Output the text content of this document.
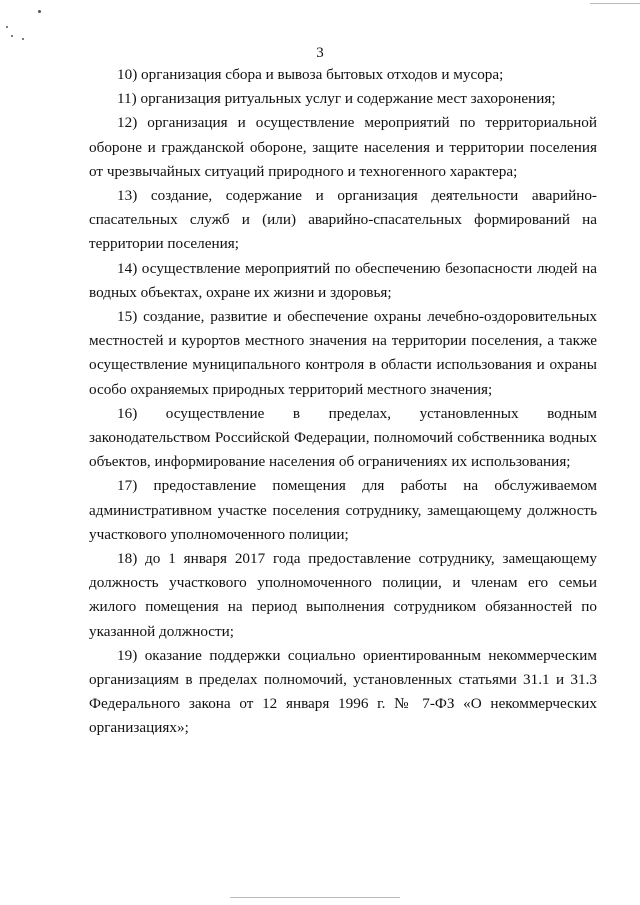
3

10) организация сбора и вывоза бытовых отходов и мусора;

11) организация ритуальных услуг и содержание мест захоронения;

12) организация и осуществление мероприятий по территориальной обороне и гражданской обороне, защите населения и территории поселения от чрезвычайных ситуаций природного и техногенного характера;

13) создание, содержание и организация деятельности аварийно-спасательных служб и (или) аварийно-спасательных формирований на территории поселения;

14) осуществление мероприятий по обеспечению безопасности людей на водных объектах, охране их жизни и здоровья;

15) создание, развитие и обеспечение охраны лечебно-оздоровительных местностей и курортов местного значения на территории поселения, а также осуществление муниципального контроля в области использования и охраны особо охраняемых природных территорий местного значения;

16) осуществление в пределах, установленных водным законодательством Российской Федерации, полномочий собственника водных объектов, информирование населения об ограничениях их использования;

17) предоставление помещения для работы на обслуживаемом административном участке поселения сотруднику, замещающему должность участкового уполномоченного полиции;

18) до 1 января 2017 года предоставление сотруднику, замещающему должность участкового уполномоченного полиции, и членам его семьи жилого помещения на период выполнения сотрудником обязанностей по указанной должности;

19) оказание поддержки социально ориентированным некоммерческим организациям в пределах полномочий, установленных статьями 31.1 и 31.3 Федерального закона от 12 января 1996 г. № 7-ФЗ «О некоммерческих организациях»;
